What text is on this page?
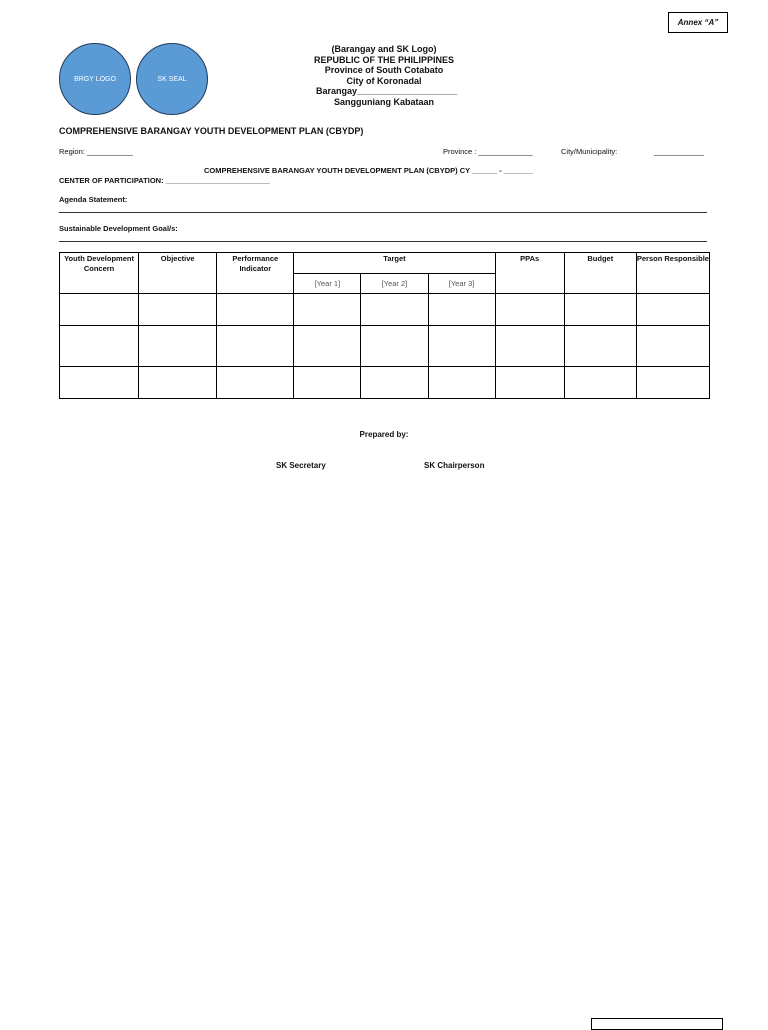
Annex “A”
BRGY LOGO	SK SEAL
(Barangay and SK Logo)
REPUBLIC OF THE PHILIPPINES
Province of South Cotabato
City of Koronadal
Barangay____________________
Sangguniang Kabataan
COMPREHENSIVE BARANGAY YOUTH DEVELOPMENT PLAN (CBYDP)
Region: ___________	Province : _____________	City/Municipality:	____________
COMPREHENSIVE BARANGAY YOUTH DEVELOPMENT PLAN (CBYDP) CY ______ - _______
CENTER OF PARTICIPATION: _________________________
Agenda Statement:
Sustainable Development Goal/s:
Youth Development Concern	Objective	Performance Indicator	Target			PPAs	Budget	Person Responsible
			[Year 1]	[Year 2]	[Year 3]			

Prepared by:
SK Secretary	SK Chairperson
